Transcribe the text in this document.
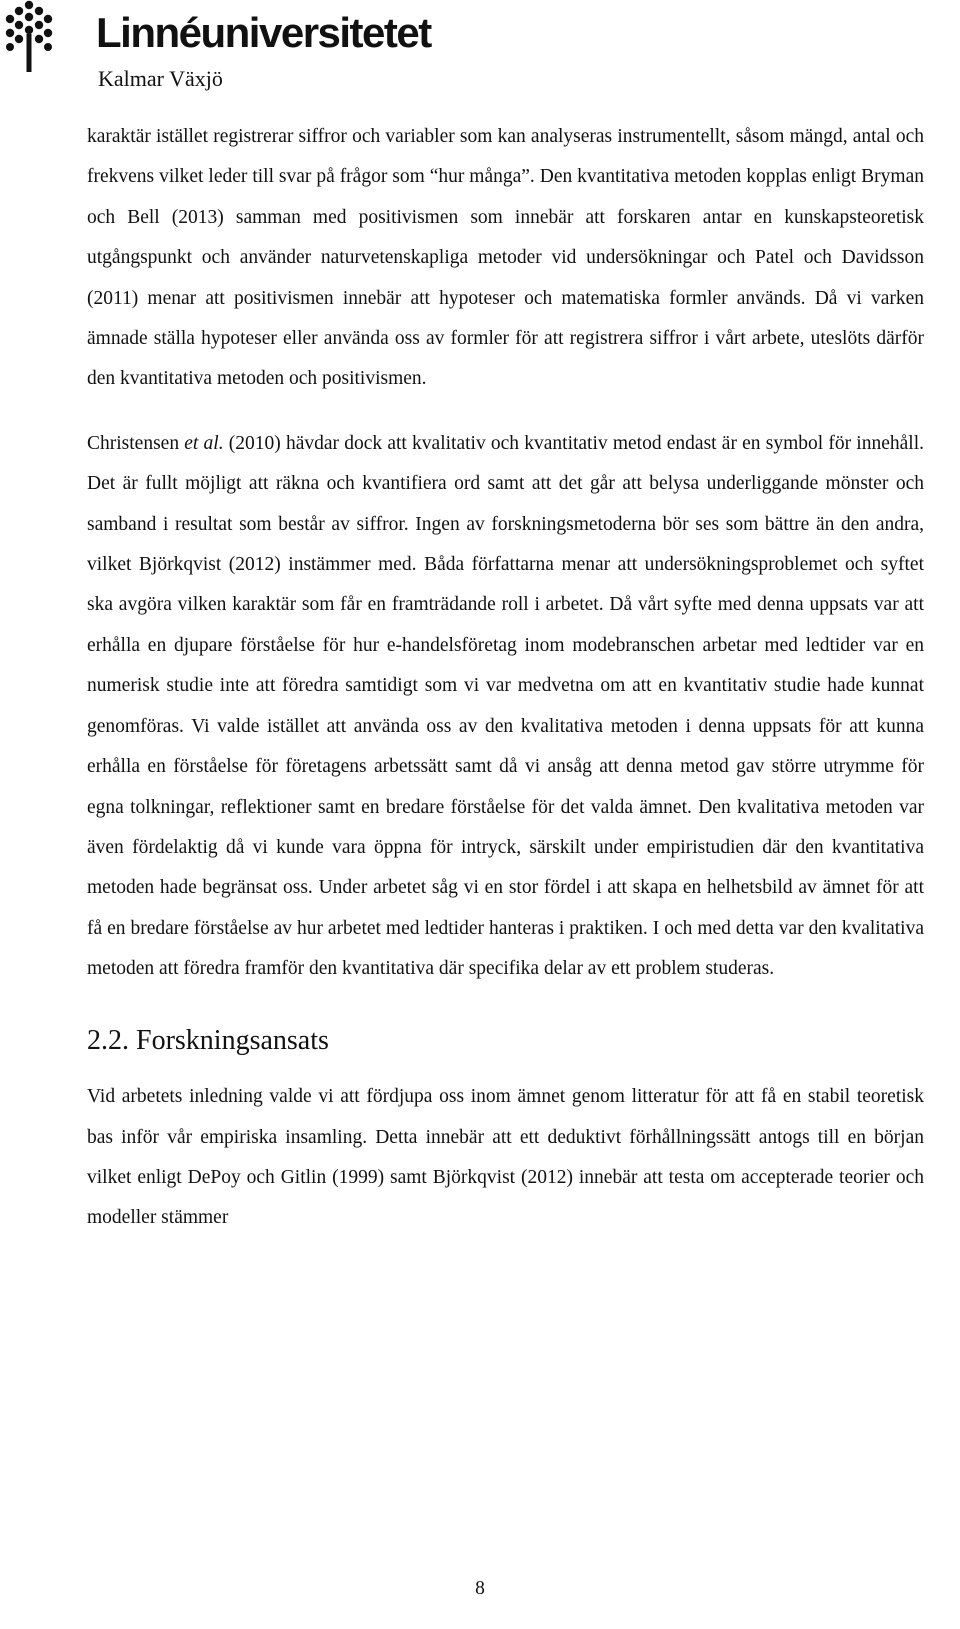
Linnéuniversitetet
Kalmar Växjö

karaktär istället registrerar siffror och variabler som kan analyseras instrumentellt, såsom mängd, antal och frekvens vilket leder till svar på frågor som “hur många”. Den kvantitativa metoden kopplas enligt Bryman och Bell (2013) samman med positivismen som innebär att forskaren antar en kunskapsteoretisk utgångspunkt och använder naturvetenskapliga metoder vid undersökningar och Patel och Davidsson (2011) menar att positivismen innebär att hypoteser och matematiska formler används. Då vi varken ämnade ställa hypoteser eller använda oss av formler för att registrera siffror i vårt arbete, uteslöts därför den kvantitativa metoden och positivismen.

Christensen et al. (2010) hävdar dock att kvalitativ och kvantitativ metod endast är en symbol för innehåll. Det är fullt möjligt att räkna och kvantifiera ord samt att det går att belysa underliggande mönster och samband i resultat som består av siffror. Ingen av forskningsmetoderna bör ses som bättre än den andra, vilket Björkqvist (2012) instämmer med. Båda författarna menar att undersökningsproblemet och syftet ska avgöra vilken karaktär som får en framträdande roll i arbetet. Då vårt syfte med denna uppsats var att erhålla en djupare förståelse för hur e-handelsföretag inom modebranschen arbetar med ledtider var en numerisk studie inte att föredra samtidigt som vi var medvetna om att en kvantitativ studie hade kunnat genomföras. Vi valde istället att använda oss av den kvalitativa metoden i denna uppsats för att kunna erhålla en förståelse för företagens arbetssätt samt då vi ansåg att denna metod gav större utrymme för egna tolkningar, reflektioner samt en bredare förståelse för det valda ämnet. Den kvalitativa metoden var även fördelaktig då vi kunde vara öppna för intryck, särskilt under empiristudien där den kvantitativa metoden hade begränsat oss. Under arbetet såg vi en stor fördel i att skapa en helhetsbild av ämnet för att få en bredare förståelse av hur arbetet med ledtider hanteras i praktiken. I och med detta var den kvalitativa metoden att föredra framför den kvantitativa där specifika delar av ett problem studeras.

2.2. Forskningsansats

Vid arbetets inledning valde vi att fördjupa oss inom ämnet genom litteratur för att få en stabil teoretisk bas inför vår empiriska insamling. Detta innebär att ett deduktivt förhållningssätt antogs till en början vilket enligt DePoy och Gitlin (1999) samt Björkqvist (2012) innebär att testa om accepterade teorier och modeller stämmer

8
